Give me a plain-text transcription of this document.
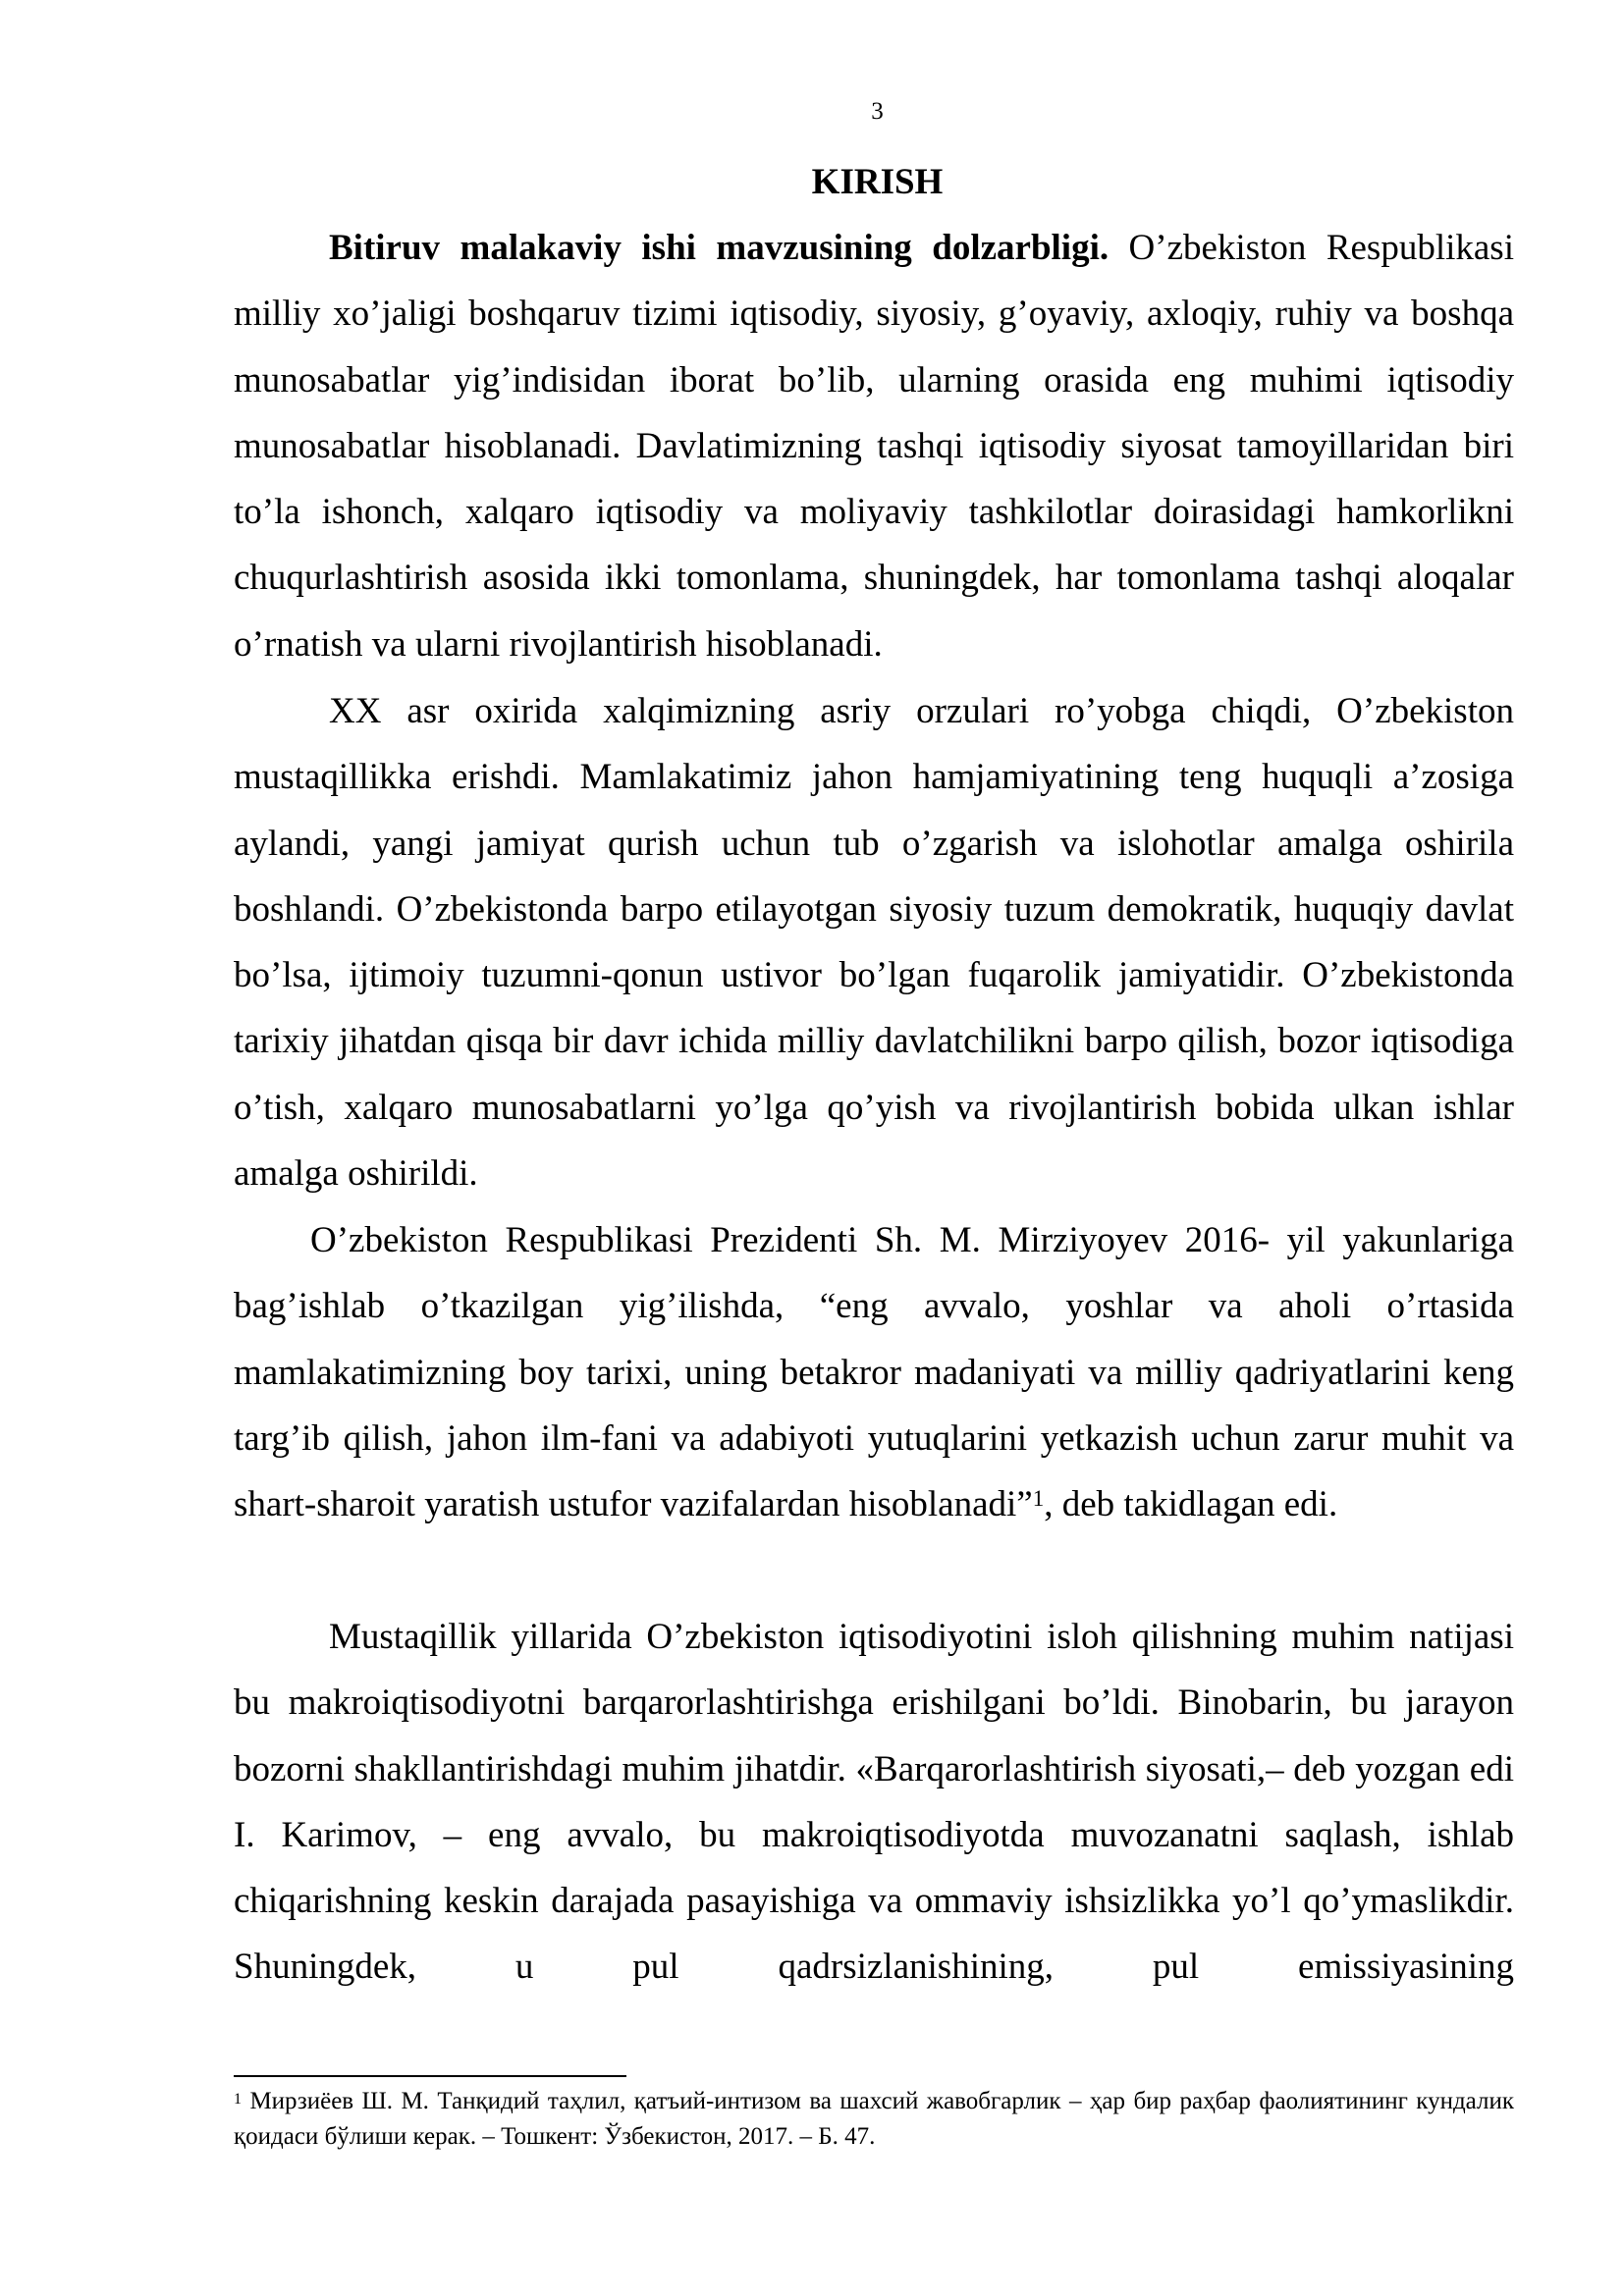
3
KIRISH

Bitiruv malakaviy ishi mavzusining dolzarbligi. O’zbekiston Respublikasi milliy xo’jaligi boshqaruv tizimi iqtisodiy, siyosiy, g’oyaviy, axloqiy, ruhiy va boshqa munosabatlar yig’indisidan iborat bo’lib, ularning orasida eng muhimi iqtisodiy munosabatlar hisoblanadi. Davlatimizning tashqi iqtisodiy siyosat tamoyillaridan biri to’la ishonch, xalqaro iqtisodiy va moliyaviy tashkilotlar doirasidagi hamkorlikni chuqurlashtirish asosida ikki tomonlama, shuningdek, har tomonlama tashqi aloqalar o’rnatish va ularni rivojlantirish hisoblanadi.

XX asr oxirida xalqimizning asriy orzulari ro’yobga chiqdi, O’zbekiston mustaqillikka erishdi. Mamlakatimiz jahon hamjamiyatining teng huquqli a’zosiga aylandi, yangi jamiyat qurish uchun tub o’zgarish va islohotlar amalga oshirila boshlandi. O’zbekistonda barpo etilayotgan siyosiy tuzum demokratik, huquqiy davlat bo’lsa, ijtimoiy tuzumni-qonun ustivor bo’lgan fuqarolik jamiyatidir. O’zbekistonda tarixiy jihatdan qisqa bir davr ichida milliy davlatchilikni barpo qilish, bozor iqtisodiga o’tish, xalqaro munosabatlarni yo’lga qo’yish va rivojlantirish bobida ulkan ishlar amalga oshirildi.

O’zbekiston Respublikasi Prezidenti Sh. M. Mirziyoyev 2016- yil yakunlariga bag’ishlab o’tkazilgan yig’ilishda, “eng avvalo, yoshlar va aholi o’rtasida mamlakatimizning boy tarixi, uning betakror madaniyati va milliy qadriyatlarini keng targ’ib qilish, jahon ilm-fani va adabiyoti yutuqlarini yetkazish uchun zarur muhit va shart-sharoit yaratish ustufor vazifalardan hisoblanadi”$^1$, deb takidlagan edi.

Mustaqillik yillarida O’zbekiston iqtisodiyotini isloh qilishning muhim natijasi bu makroiqtisodiyotni barqarorlashtirishga erishilgani bo’ldi. Binobarin, bu jarayon bozorni shakllantirishdagi muhim jihatdir. «Barqarorlashtirish siyosati,– deb yozgan edi I. Karimov, – eng avvalo, bu makroiqtisodiyotda muvozanatni saqlash, ishlab chiqarishning keskin darajada pasayishiga va ommaviy ishsizlikka yo’l qo’ymaslikdir. Shuningdek, u pul qadrsizlanishining, pul emissiyasining

$^1$ Мирзиёев Ш. М. Танқидий таҳлил, қатъий-интизом ва шахсий жавобгарлик – ҳар бир раҳбар фаолиятининг кундалик қоидаси бўлиши керак. – Тошкент: Ўзбекистон, 2017. – Б. 47.
